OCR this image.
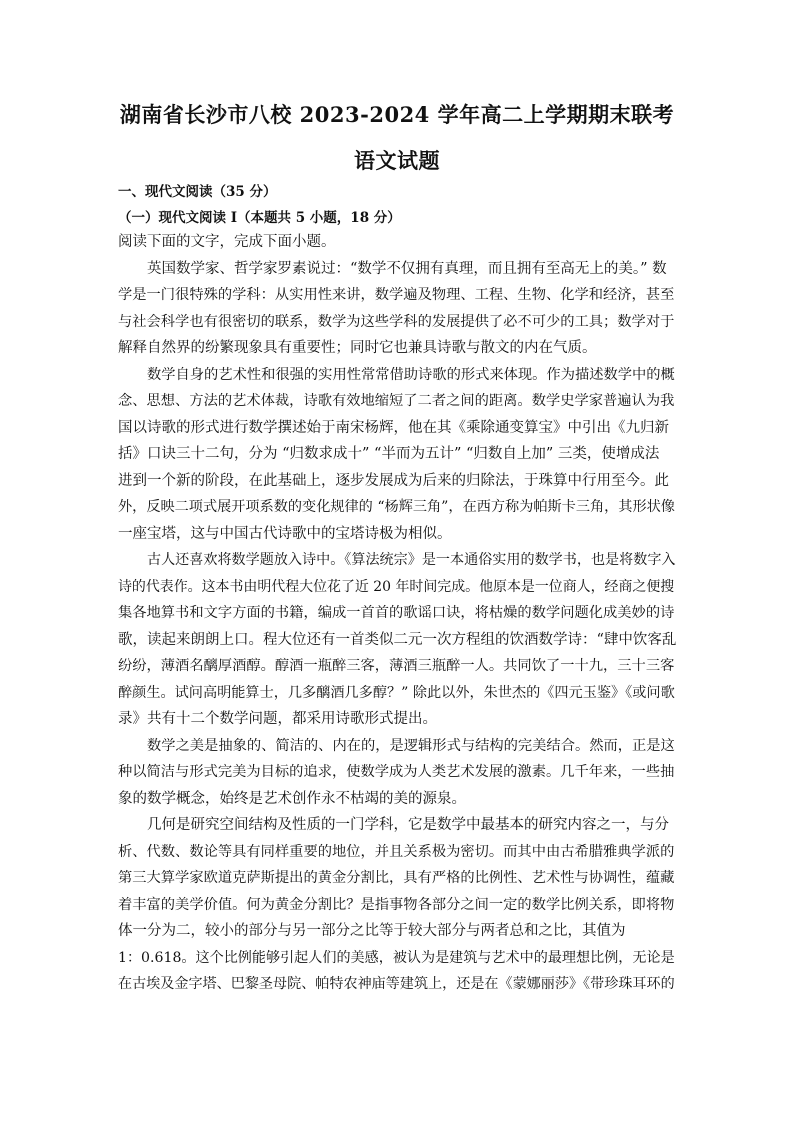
湖南省长沙市八校 2023-2024 学年高二上学期期末联考
语文试题
一、现代文阅读（35 分）
（一）现代文阅读 I（本题共 5 小题，18 分）
阅读下面的文字，完成下面小题。
英国数学家、哲学家罗素说过：“数学不仅拥有真理，而且拥有至高无上的美。” 数
学是一门很特殊的学科：从实用性来讲，数学遍及物理、工程、生物、化学和经济，甚至
与社会科学也有很密切的联系，数学为这些学科的发展提供了必不可少的工具；数学对于
解释自然界的纷繁现象具有重要性；同时它也兼具诗歌与散文的内在气质。
数学自身的艺术性和很强的实用性常常借助诗歌的形式来体现。作为描述数学中的概
念、思想、方法的艺术体裁，诗歌有效地缩短了二者之间的距离。数学史学家普遍认为我
国以诗歌的形式进行数学撰述始于南宋杨辉，他在其《乘除通变算宝》中引出《九归新
括》口诀三十二句，分为 “归数求成十” “半而为五计” “归数自上加” 三类，使增成法
进到一个新的阶段，在此基础上，逐步发展成为后来的归除法，于珠算中行用至今。此
外，反映二项式展开项系数的变化规律的 “杨辉三角”，在西方称为帕斯卡三角，其形状像
一座宝塔，这与中国古代诗歌中的宝塔诗极为相似。
古人还喜欢将数学题放入诗中。《算法统宗》是一本通俗实用的数学书，也是将数字入
诗的代表作。这本书由明代程大位花了近 20 年时间完成。他原本是一位商人，经商之便搜
集各地算书和文字方面的书籍，编成一首首的歌谣口诀，将枯燥的数学问题化成美妙的诗
歌，读起来朗朗上口。程大位还有一首类似二元一次方程组的饮酒数学诗：“肆中饮客乱
纷纷，薄酒名醨厚酒醇。醇酒一瓶醉三客，薄酒三瓶醉一人。共同饮了一十九，三十三客
醉颜生。试问高明能算士，几多醨酒几多醇？” 除此以外，朱世杰的《四元玉鉴》《或问歌
录》共有十二个数学问题，都采用诗歌形式提出。
数学之美是抽象的、简洁的、内在的，是逻辑形式与结构的完美结合。然而，正是这
种以简洁与形式完美为目标的追求，使数学成为人类艺术发展的激素。几千年来，一些抽
象的数学概念，始终是艺术创作永不枯竭的美的源泉。
几何是研究空间结构及性质的一门学科，它是数学中最基本的研究内容之一，与分
析、代数、数论等具有同样重要的地位，并且关系极为密切。而其中由古希腊雅典学派的
第三大算学家欧道克萨斯提出的黄金分割比，具有严格的比例性、艺术性与协调性，蕴藏
着丰富的美学价值。何为黄金分割比？是指事物各部分之间一定的数学比例关系，即将物
体一分为二，较小的部分与另一部分之比等于较大部分与两者总和之比，其值为
1：0.618。这个比例能够引起人们的美感，被认为是建筑与艺术中的最理想比例，无论是
在古埃及金字塔、巴黎圣母院、帕特农神庙等建筑上，还是在《蒙娜丽莎》《带珍珠耳环的
